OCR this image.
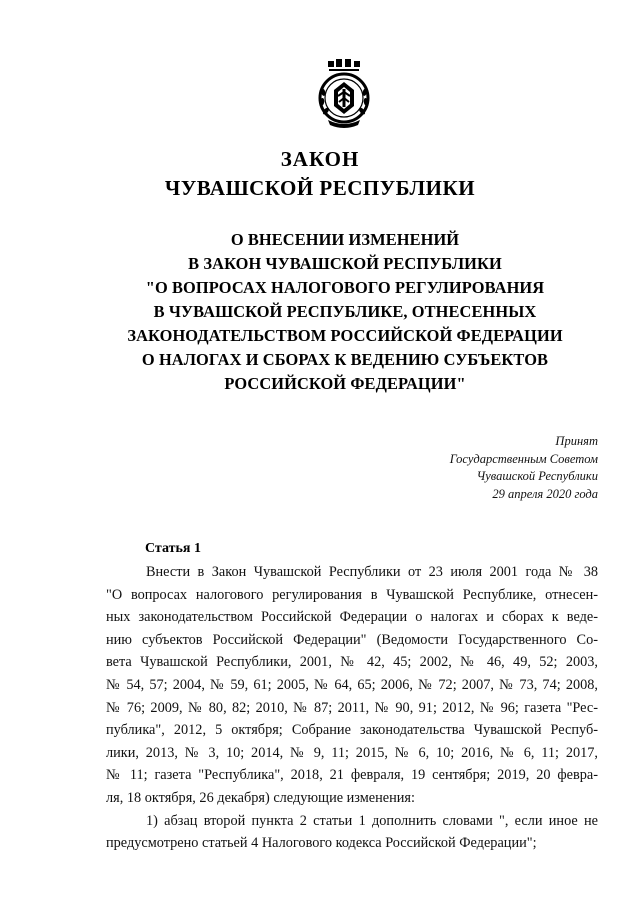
ЗАКОН
ЧУВАШСКОЙ РЕСПУБЛИКИ
О ВНЕСЕНИИ ИЗМЕНЕНИЙ
В ЗАКОН ЧУВАШСКОЙ РЕСПУБЛИКИ
"О ВОПРОСАХ НАЛОГОВОГО РЕГУЛИРОВАНИЯ
В ЧУВАШСКОЙ РЕСПУБЛИКЕ, ОТНЕСЕННЫХ
ЗАКОНОДАТЕЛЬСТВОМ РОССИЙСКОЙ ФЕДЕРАЦИИ
О НАЛОГАХ И СБОРАХ К ВЕДЕНИЮ СУБЪЕКТОВ
РОССИЙСКОЙ ФЕДЕРАЦИИ"
Принят
Государственным Советом
Чувашской Республики
29 апреля 2020 года
Статья 1
Внести в Закон Чувашской Республики от 23 июля 2001 года № 38
"О вопросах налогового регулирования в Чувашской Республике, отнесен-
ных законодательством Российской Федерации о налогах и сборах к веде-
нию субъектов Российской Федерации" (Ведомости Государственного Со-
вета Чувашской Республики, 2001, № 42, 45; 2002, № 46, 49, 52; 2003,
№ 54, 57; 2004, № 59, 61; 2005, № 64, 65; 2006, № 72; 2007, № 73, 74; 2008,
№ 76; 2009, № 80, 82; 2010, № 87; 2011, № 90, 91; 2012, № 96; газета "Рес-
публика", 2012, 5 октября; Собрание законодательства Чувашской Респуб-
лики, 2013, № 3, 10; 2014, № 9, 11; 2015, № 6, 10; 2016, № 6, 11; 2017,
№ 11; газета "Республика", 2018, 21 февраля, 19 сентября; 2019, 20 февра-
ля, 18 октября, 26 декабря) следующие изменения:
1) абзац второй пункта 2 статьи 1 дополнить словами ", если иное не
предусмотрено статьей 4 Налогового кодекса Российской Федерации";
